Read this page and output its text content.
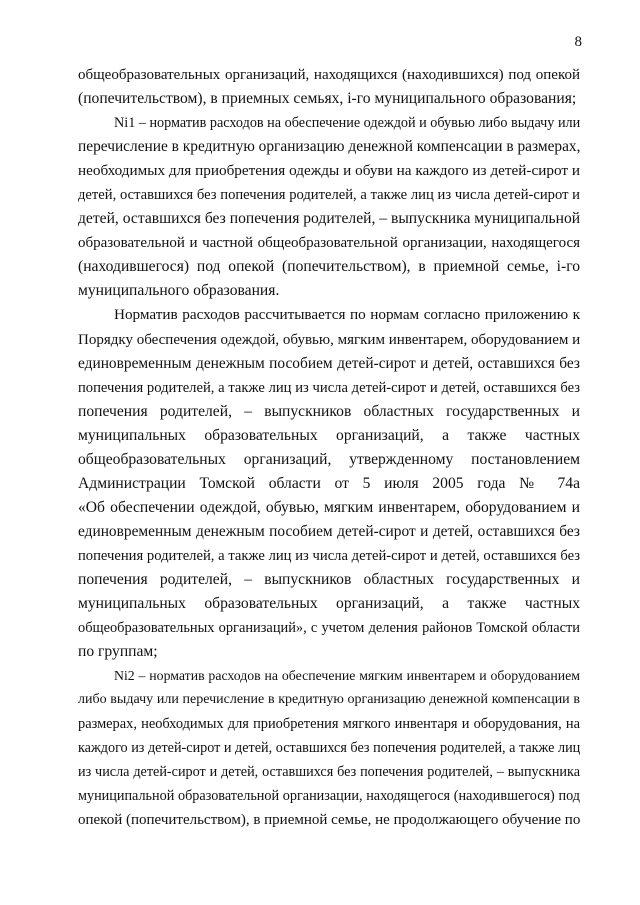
8
общеобразовательных организаций, находящихся (находившихся) под опекой
(попечительством), в приемных семьях, i-го муниципального образования;
Ni1 – норматив расходов на обеспечение одеждой и обувью либо выдачу или
перечисление в кредитную организацию денежной компенсации в размерах,
необходимых для приобретения одежды и обуви на каждого из детей-сирот и
детей, оставшихся без попечения родителей, а также лиц из числа детей-сирот и
детей, оставшихся без попечения родителей, – выпускника муниципальной
образовательной и частной общеобразовательной организации, находящегося
(находившегося) под опекой (попечительством), в приемной семье, i-го
муниципального образования.
Норматив расходов рассчитывается по нормам согласно приложению к
Порядку обеспечения одеждой, обувью, мягким инвентарем, оборудованием и
единовременным денежным пособием детей-сирот и детей, оставшихся без
попечения родителей, а также лиц из числа детей-сирот и детей, оставшихся без
попечения родителей, – выпускников областных государственных и
муниципальных образовательных организаций, а также частных
общеобразовательных организаций, утвержденному постановлением
Администрации Томской области от 5 июля 2005 года № 74а
«Об обеспечении одеждой, обувью, мягким инвентарем, оборудованием и
единовременным денежным пособием детей-сирот и детей, оставшихся без
попечения родителей, а также лиц из числа детей-сирот и детей, оставшихся без
попечения родителей, – выпускников областных государственных и
муниципальных образовательных организаций, а также частных
общеобразовательных организаций», с учетом деления районов Томской области
по группам;
Ni2 – норматив расходов на обеспечение мягким инвентарем и оборудованием
либо выдачу или перечисление в кредитную организацию денежной компенсации в
размерах, необходимых для приобретения мягкого инвентаря и оборудования, на
каждого из детей-сирот и детей, оставшихся без попечения родителей, а также лиц
из числа детей-сирот и детей, оставшихся без попечения родителей, – выпускника
муниципальной образовательной организации, находящегося (находившегося) под
опекой (попечительством), в приемной семье, не продолжающего обучение по
